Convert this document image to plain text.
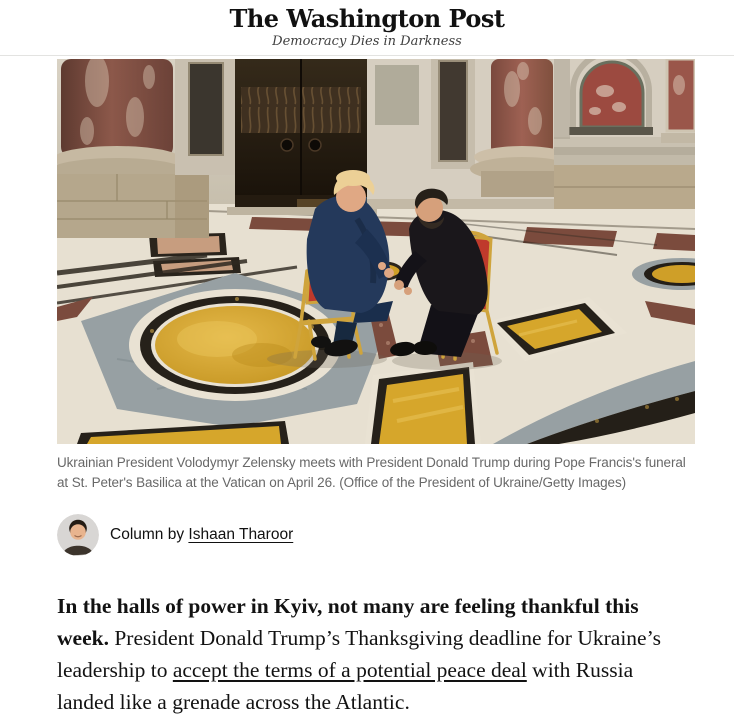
The Washington Post
Democracy Dies in Darkness
Ukrainian President Volodymyr Zelensky meets with President Donald Trump during Pope Francis's funeral at St. Peter's Basilica at the Vatican on April 26. (Office of the President of Ukraine/Getty Images)
Column by Ishaan Tharoor

In the halls of power in Kyiv, not many are feeling thankful this week. President Donald Trump’s Thanksgiving deadline for Ukraine’s leadership to accept the terms of a potential peace deal with Russia landed like a grenade across the Atlantic.
